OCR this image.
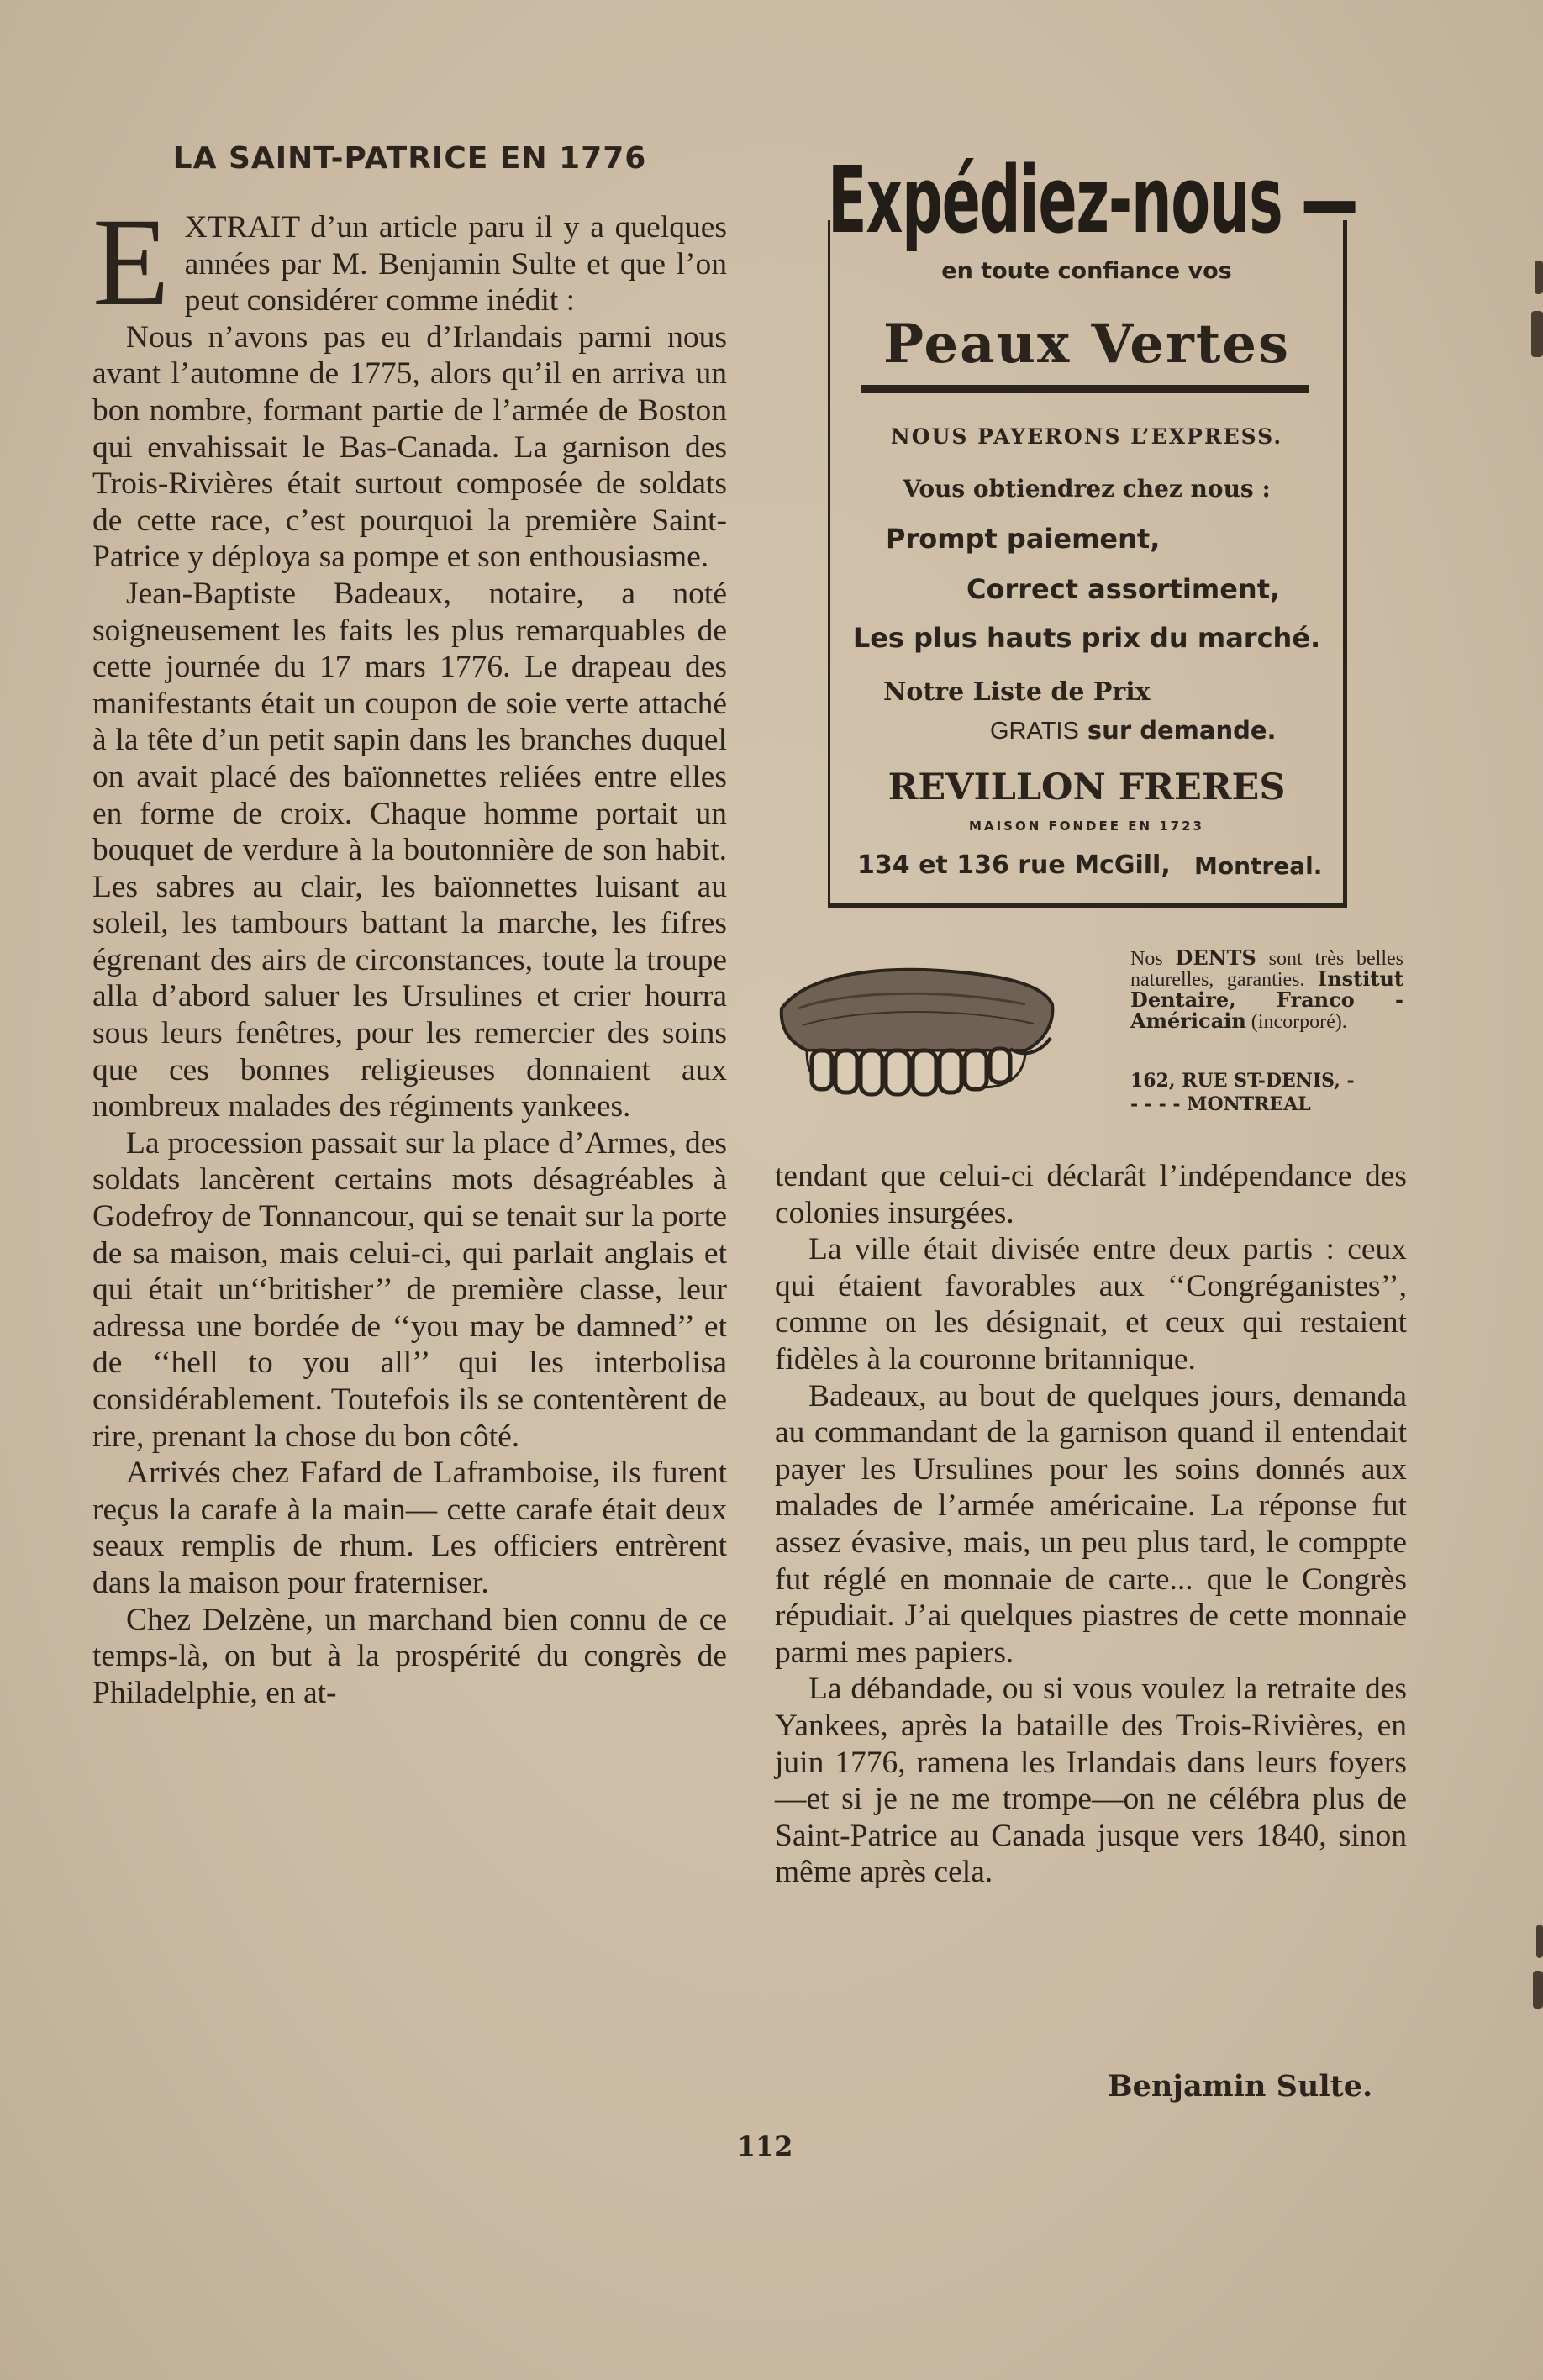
LA SAINT-PATRICE EN 1776

EXTRAIT d’un article paru il y a quelques années par M. Benjamin Sulte et que l’on peut considérer comme inédit :

Nous n’avons pas eu d’Irlandais parmi nous avant l’automne de 1775, alors qu’il en arriva un bon nombre, formant partie de l’armée de Boston qui envahissait le Bas-Canada. La garnison des Trois-Rivières était surtout composée de soldats de cette race, c’est pourquoi la première Saint-Patrice y déploya sa pompe et son enthousiasme.

Jean-Baptiste Badeaux, notaire, a noté soigneusement les faits les plus remarquables de cette journée du 17 mars 1776. Le drapeau des manifestants était un coupon de soie verte attaché à la tête d’un petit sapin dans les branches duquel on avait placé des baïonnettes reliées entre elles en forme de croix. Chaque homme portait un bouquet de verdure à la boutonnière de son habit. Les sabres au clair, les baïonnettes luisant au soleil, les tambours battant la marche, les fifres égrenant des airs de circonstances, toute la troupe alla d’abord saluer les Ursulines et crier hourra sous leurs fenêtres, pour les remercier des soins que ces bonnes religieuses donnaient aux nombreux malades des régiments yankees.

La procession passait sur la place d’Armes, des soldats lancèrent certains mots désagréables à Godefroy de Tonnancour, qui se tenait sur la porte de sa maison, mais celui-ci, qui parlait anglais et qui était un‘‘britisher’’ de première classe, leur adressa une bordée de ‘‘you may be damned’’ et de ‘‘hell to you all’’ qui les interbolisa considérablement. Toutefois ils se contentèrent de rire, prenant la chose du bon côté.

Arrivés chez Fafard de Laframboise, ils furent reçus la carafe à la main— cette carafe était deux seaux remplis de rhum. Les officiers entrèrent dans la maison pour fraterniser.

Chez Delzène, un marchand bien connu de ce temps-là, on but à la prospérité du congrès de Philadelphie, en at-

Expédiez-nous —
en toute confiance vos
Peaux Vertes
NOUS PAYERONS L’EXPRESS.
Vous obtiendrez chez nous :
Prompt paiement,
Correct assortiment,
Les plus hauts prix du marché.
Notre Liste de Prix
GRATIS sur demande.
REVILLON FRERES
MAISON FONDEE EN 1723
134 et 136 rue McGill,	Montreal.
Nos DENTS sont très belles naturelles, garanties. Institut Dentaire, Franco - Américain (incorporé).
162, RUE ST-DENIS, -
- - - - MONTREAL

tendant que celui-ci déclarât l’indépendance des colonies insurgées.

La ville était divisée entre deux partis : ceux qui étaient favorables aux ‘‘Congréganistes’’, comme on les désignait, et ceux qui restaient fidèles à la couronne britannique.

Badeaux, au bout de quelques jours, demanda au commandant de la garnison quand il entendait payer les Ursulines pour les soins donnés aux malades de l’armée américaine. La réponse fut assez évasive, mais, un peu plus tard, le comppte fut réglé en monnaie de carte... que le Congrès répudiait. J’ai quelques piastres de cette monnaie parmi mes papiers.

La débandade, ou si vous voulez la retraite des Yankees, après la bataille des Trois-Rivières, en juin 1776, ramena les Irlandais dans leurs foyers—et si je ne me trompe—on ne célébra plus de Saint-Patrice au Canada jusque vers 1840, sinon même après cela.

Benjamin Sulte.
112
